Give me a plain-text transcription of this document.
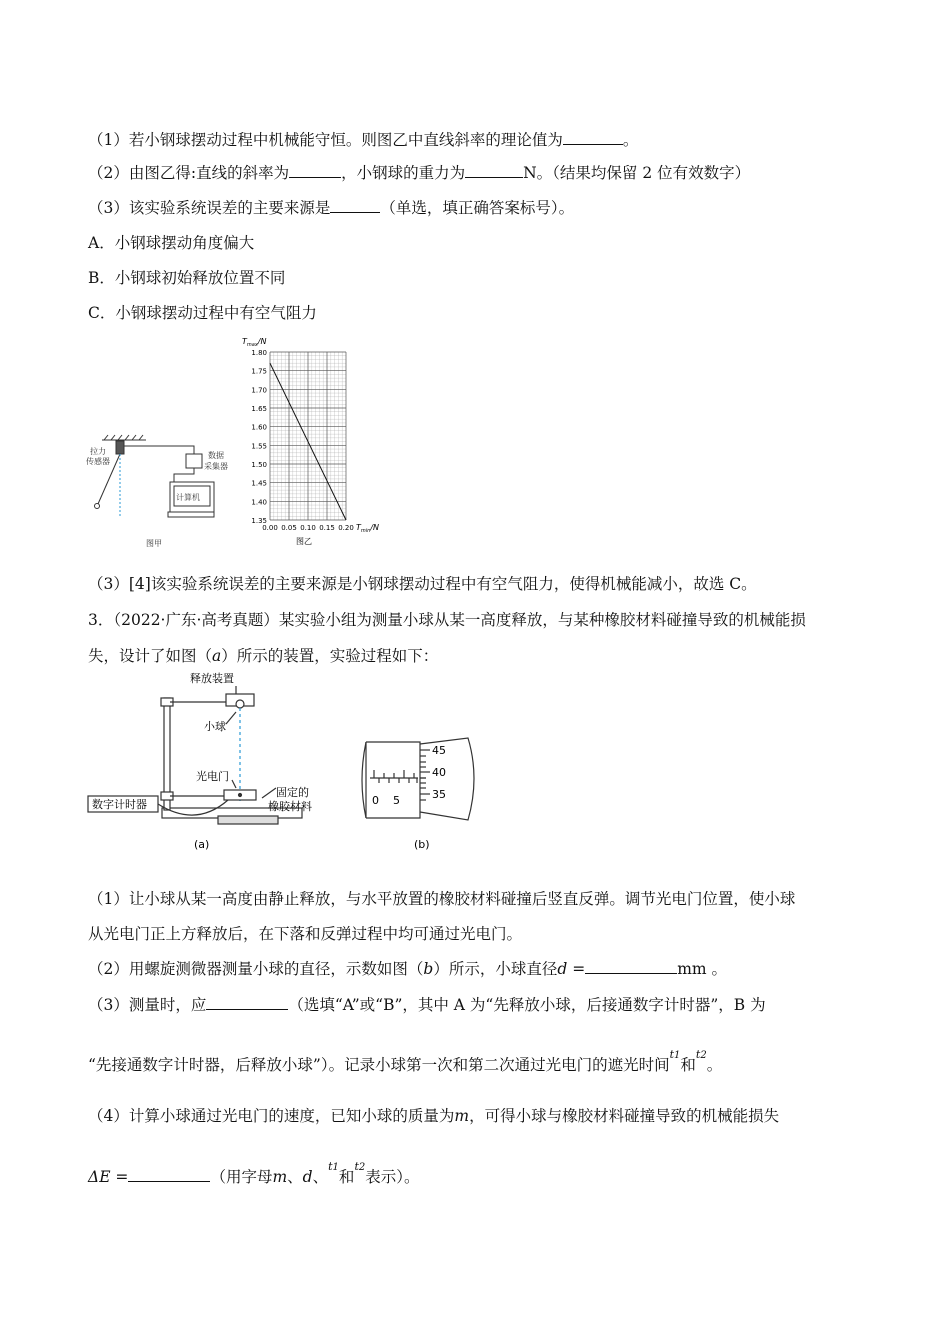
（1）若小钢球摆动过程中机械能守恒。则图乙中直线斜率的理论值为	。
（2）由图乙得:直线的斜率为	，小钢球的重力为	N。（结果均保留 2 位有效数字）
（3）该实验系统误差的主要来源是	（单选，填正确答案标号）。
A．小钢球摆动角度偏大
B．小钢球初始释放位置不同
C．小钢球摆动过程中有空气阻力
拉力
传感器
数据
采集器
计算机
图甲
1.35
1.40
1.45
1.50
1.55
1.60
1.65
1.70
1.75
1.80
0.00 0.05 0.10 0.15 0.20
$T_{max}/N$
$T_{min}/N$
图乙
（3）[4]该实验系统误差的主要来源是小钢球摆动过程中有空气阻力，使得机械能减小，故选 C。
3．（2022·广东·高考真题）某实验小组为测量小球从某一高度释放，与某种橡胶材料碰撞导致的机械能损
失，设计了如图（a）所示的装置，实验过程如下：
释放装置
小球
光电门
数字计时器
固定的
橡胶材料
(a)
45
40
35
0 5
(b)
（1）让小球从某一高度由静止释放，与水平放置的橡胶材料碰撞后竖直反弹。调节光电门位置，使小球
从光电门正上方释放后，在下落和反弹过程中均可通过光电门。
（2）用螺旋测微器测量小球的直径，示数如图（b）所示，小球直径d =	mm 。
（3）测量时，应	（选填“A”或“B”，其中 A 为“先释放小球，后接通数字计时器”，B 为
“先接通数字计时器，后释放小球”）。记录小球第一次和第二次通过光电门的遮光时间$^{t1}$和$^{t2}$。
（4）计算小球通过光电门的速度，已知小球的质量为m，可得小球与橡胶材料碰撞导致的机械能损失
ΔE =	（用字母m、d、$^{t1}$和$^{t2}$表示）。
